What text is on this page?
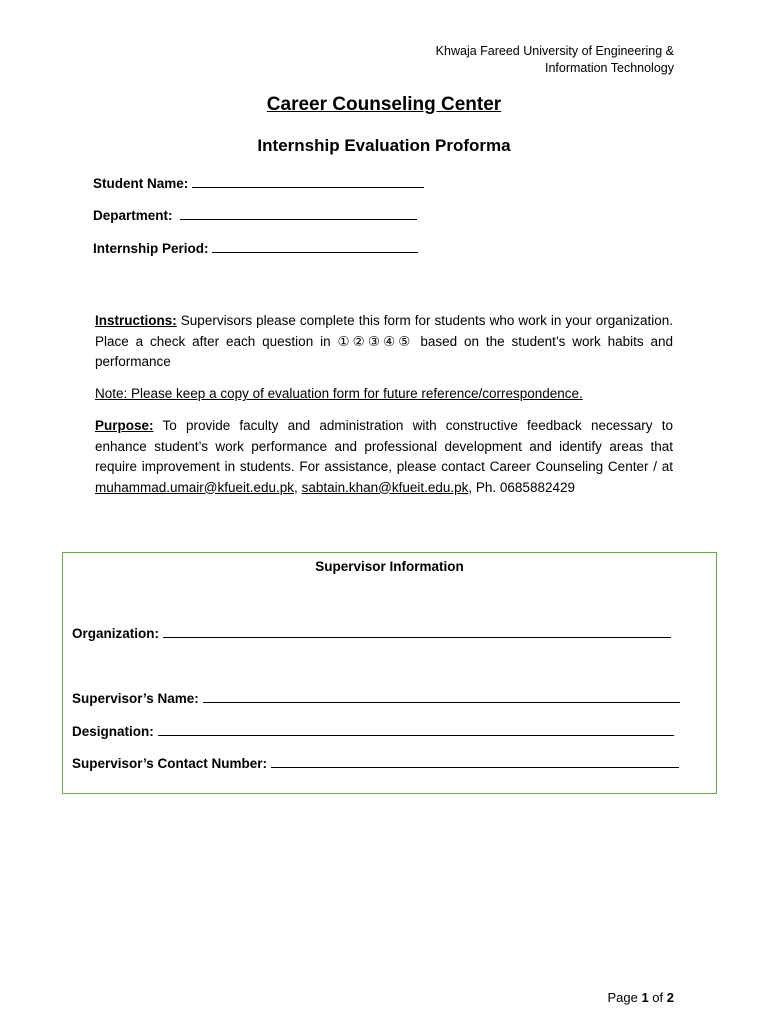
Khwaja Fareed University of Engineering &
Information Technology
Career Counseling Center
Internship Evaluation Proforma
Student Name:
Department:
Internship Period:
Instructions: Supervisors please complete this form for students who work in your organization. Place a check after each question in ①②③④⑤ based on the student’s work habits and performance
Note: Please keep a copy of evaluation form for future reference/correspondence.
Purpose: To provide faculty and administration with constructive feedback necessary to enhance student’s work performance and professional development and identify areas that require improvement in students. For assistance, please contact Career Counseling Center / at muhammad.umair@kfueit.edu.pk, sabtain.khan@kfueit.edu.pk, Ph. 0685882429
Supervisor Information
Organization:
Supervisor’s Name:
Designation:
Supervisor’s Contact Number:
Page 1 of 2
